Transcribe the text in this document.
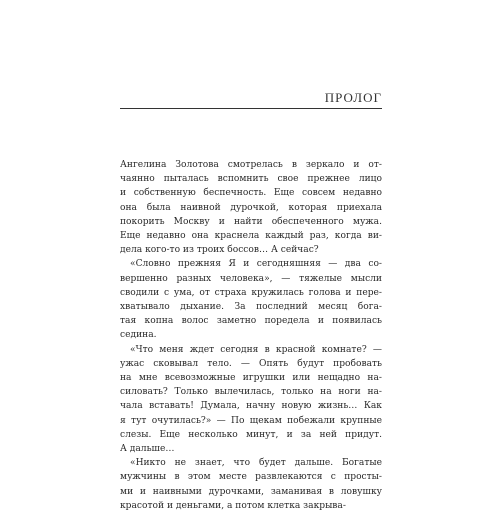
ПРОЛОГ

Ангелина Золотова смотрелась в зеркало и от-
чаянно пыталась вспомнить свое прежнее лицо
и собственную беспечность. Еще совсем недавно
она была наивной дурочкой, которая приехала
покорить Москву и найти обеспеченного мужа.
Еще недавно она краснела каждый раз, когда ви-
дела кого-то из троих боссов… А сейчас?

«Словно прежняя Я и сегодняшняя — два со-
вершенно разных человека», — тяжелые мысли
сводили с ума, от страха кружилась голова и пере-
хватывало дыхание. За последний месяц богa-
тая копна волос заметно поредела и появилась
седина.

«Что меня ждет сегодня в красной комнате? —
ужас сковывал тело. — Опять будут пробовать
на мне всевозможные игрушки или нещадно на-
силовать? Только вылечилась, только на ноги на-
чала вставать! Думала, начну новую жизнь… Как
я тут очутилась?» — По щекам побежали крупные
слезы. Еще несколько минут, и за ней придут.
А дальше…

«Никто не знает, что будет дальше. Богатые
мужчины в этом месте развлекаются с просты-
ми и наивными дурочками, заманивая в ловушку
красотой и деньгами, а потом клетка закрыва-
